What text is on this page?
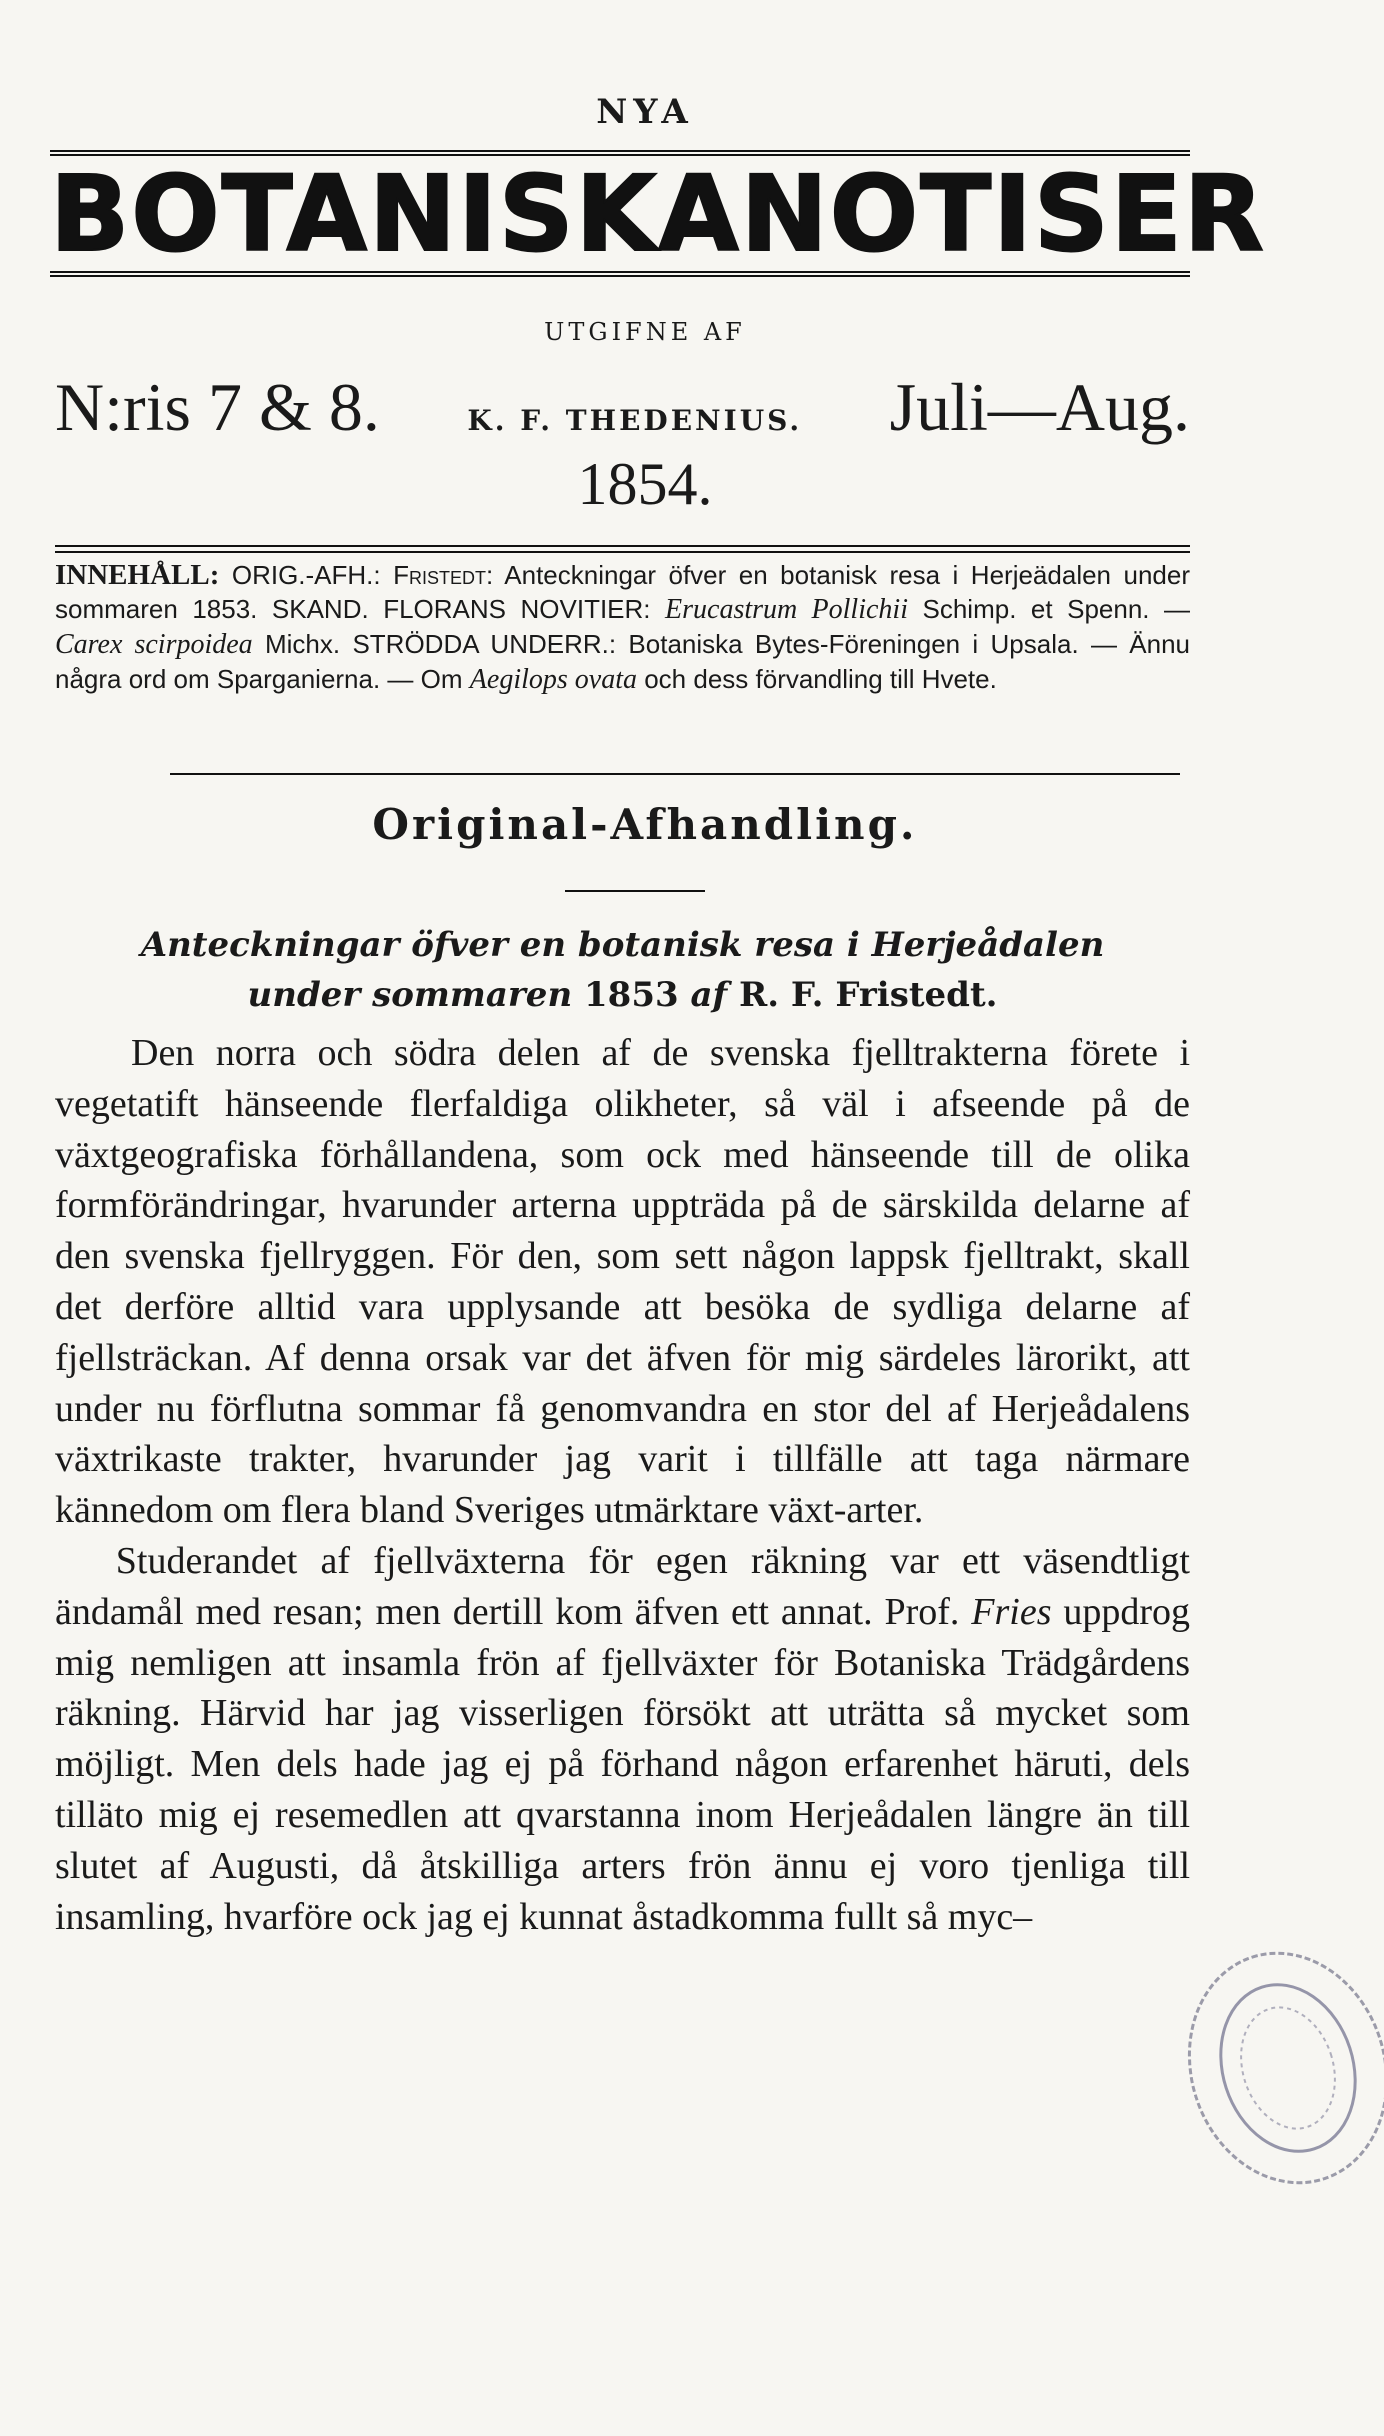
NYA
BOTANISKA NOTISER
UTGIFNE AF
N:ris 7 & 8.	K. F. THEDENIUS. Juli—Aug.
1854.
INNEHÅLL: ORIG.-AFH.: Fristedt: Anteckningar öfver en botanisk resa i Herjeädalen under sommaren 1853. SKAND. FLORANS NOVITIER: Erucastrum Pollichii Schimp. et Spenn. — Carex scirpoidea Michx. STRÖDDA UNDERR.: Botaniska Bytes-Föreningen i Upsala. — Ännu några ord om Sparganierna. — Om Aegilops ovata och dess förvandling till Hvete.
Original-Afhandling.
Anteckningar öfver en botanisk resa i Herjeådalen
under sommaren 1853 af R. F. Fristedt.

Den norra och södra delen af de svenska fjelltrakterna förete i vegetatift hänseende flerfaldiga olikheter, så väl i afseende på de växtgeografiska förhållandena, som ock med hänseende till de olika formförändringar, hvarunder arterna uppträda på de särskilda delarne af den svenska fjellryggen. För den, som sett någon lappsk fjelltrakt, skall det derföre alltid vara upplysande att besöka de sydliga delarne af fjellsträckan. Af denna orsak var det äfven för mig särdeles lärorikt, att under nu förflutna sommar få genomvandra en stor del af Herjeådalens växtrikaste trakter, hvarunder jag varit i tillfälle att taga närmare kännedom om flera bland Sveriges utmärktare växt-arter.

Studerandet af fjellväxterna för egen räkning var ett väsendtligt ändamål med resan; men dertill kom äfven ett annat. Prof. Fries uppdrog mig nemligen att insamla frön af fjellväxter för Botaniska Trädgårdens räkning. Härvid har jag visserligen försökt att uträtta så mycket som möjligt. Men dels hade jag ej på förhand någon erfarenhet häruti, dels tilläto mig ej resemedlen att qvarstanna inom Herjeådalen längre än till slutet af Augusti, då åtskilliga arters frön ännu ej voro tjenliga till insamling, hvarföre ock jag ej kunnat åstadkomma fullt så myc–
